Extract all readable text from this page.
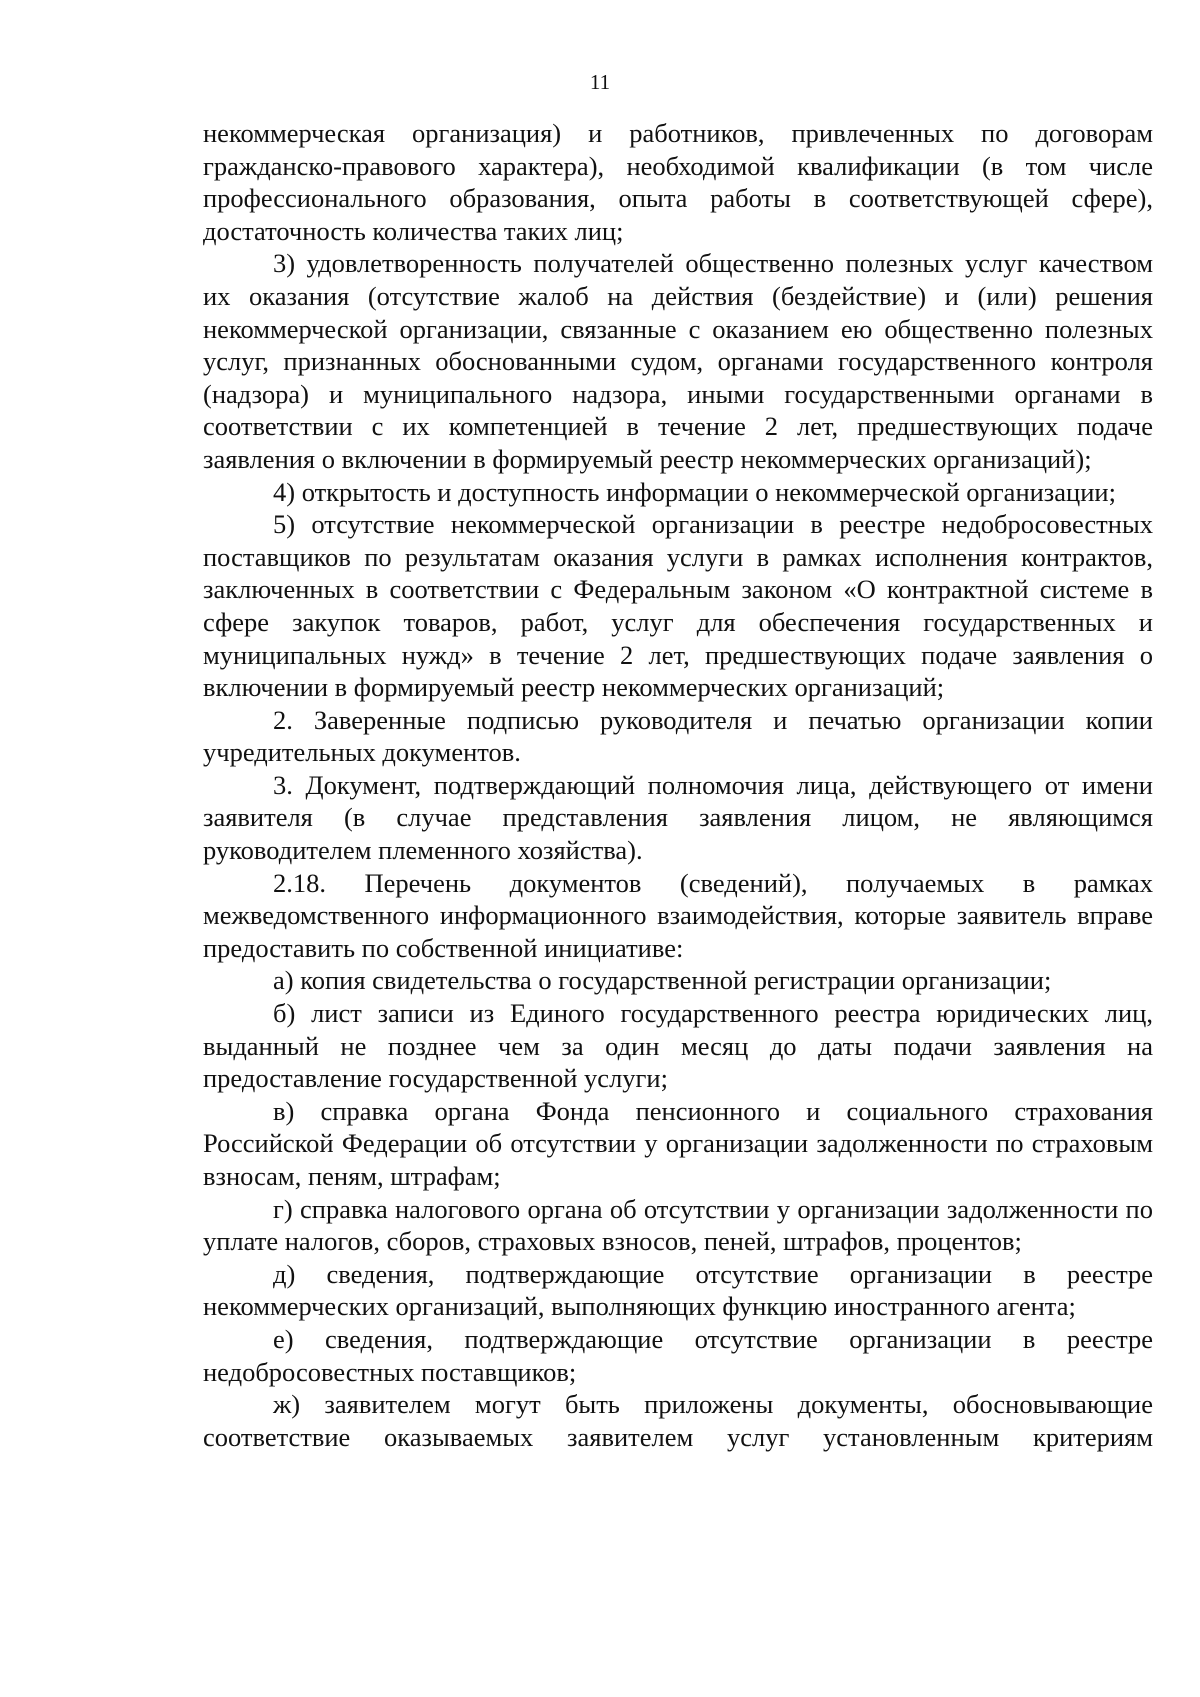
11

некоммерческая организация) и работников, привлеченных по договорам гражданско-правового характера), необходимой квалификации (в том числе профессионального образования, опыта работы в соответствующей сфере), достаточность количества таких лиц;

3) удовлетворенность получателей общественно полезных услуг качеством их оказания (отсутствие жалоб на действия (бездействие) и (или) решения некоммерческой организации, связанные с оказанием ею общественно полезных услуг, признанных обоснованными судом, органами государственного контроля (надзора) и муниципального надзора, иными государственными органами в соответствии с их компетенцией в течение 2 лет, предшествующих подаче заявления о включении в формируемый реестр некоммерческих организаций);

4) открытость и доступность информации о некоммерческой организации;

5) отсутствие некоммерческой организации в реестре недобросовестных поставщиков по результатам оказания услуги в рамках исполнения контрактов, заключенных в соответствии с Федеральным законом «О контрактной системе в сфере закупок товаров, работ, услуг для обеспечения государственных и муниципальных нужд» в течение 2 лет, предшествующих подаче заявления о включении в формируемый реестр некоммерческих организаций;

2. Заверенные подписью руководителя и печатью организации копии учредительных документов.

3. Документ, подтверждающий полномочия лица, действующего от имени заявителя (в случае представления заявления лицом, не являющимся руководителем племенного хозяйства).

2.18. Перечень документов (сведений), получаемых в рамках межведомственного информационного взаимодействия, которые заявитель вправе предоставить по собственной инициативе:

а) копия свидетельства о государственной регистрации организации;

б) лист записи из Единого государственного реестра юридических лиц, выданный не позднее чем за один месяц до даты подачи заявления на предоставление государственной услуги;

в) справка органа Фонда пенсионного и социального страхования Российской Федерации об отсутствии у организации задолженности по страховым взносам, пеням, штрафам;

г) справка налогового органа об отсутствии у организации задолженности по уплате налогов, сборов, страховых взносов, пеней, штрафов, процентов;

д) сведения, подтверждающие отсутствие организации в реестре некоммерческих организаций, выполняющих функцию иностранного агента;

е) сведения, подтверждающие отсутствие организации в реестре недобросовестных поставщиков;

ж) заявителем могут быть приложены документы, обосновывающие соответствие оказываемых заявителем услуг установленным критериям
